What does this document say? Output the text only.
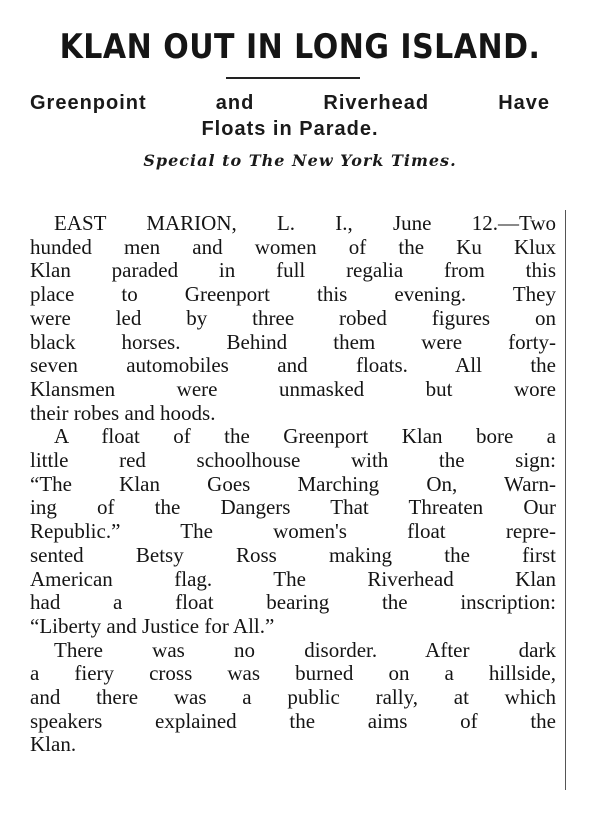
KLAN OUT IN LONG ISLAND.
Greenpoint	and	Riverhead	Have
Floats in Parade.
Special to The New York Times.
EAST MARION, L. I., June 12.—Two
hunded men and women of the Ku Klux
Klan paraded in full regalia from this
place to Greenport this evening. They
were led by three robed figures on
black horses. Behind them were forty-
seven automobiles and floats. All the
Klansmen were unmasked but wore
their robes and hoods.
A float of the Greenport Klan bore a
little red schoolhouse with the sign:
“The Klan Goes Marching On, Warn-
ing of the Dangers That Threaten Our
Republic.” The women's float repre-
sented Betsy Ross making the first
American flag. The Riverhead Klan
had a float bearing the inscription:
“Liberty and Justice for All.”
There was no disorder. After dark
a fiery cross was burned on a hillside,
and there was a public rally, at which
speakers explained the aims of the
Klan.
